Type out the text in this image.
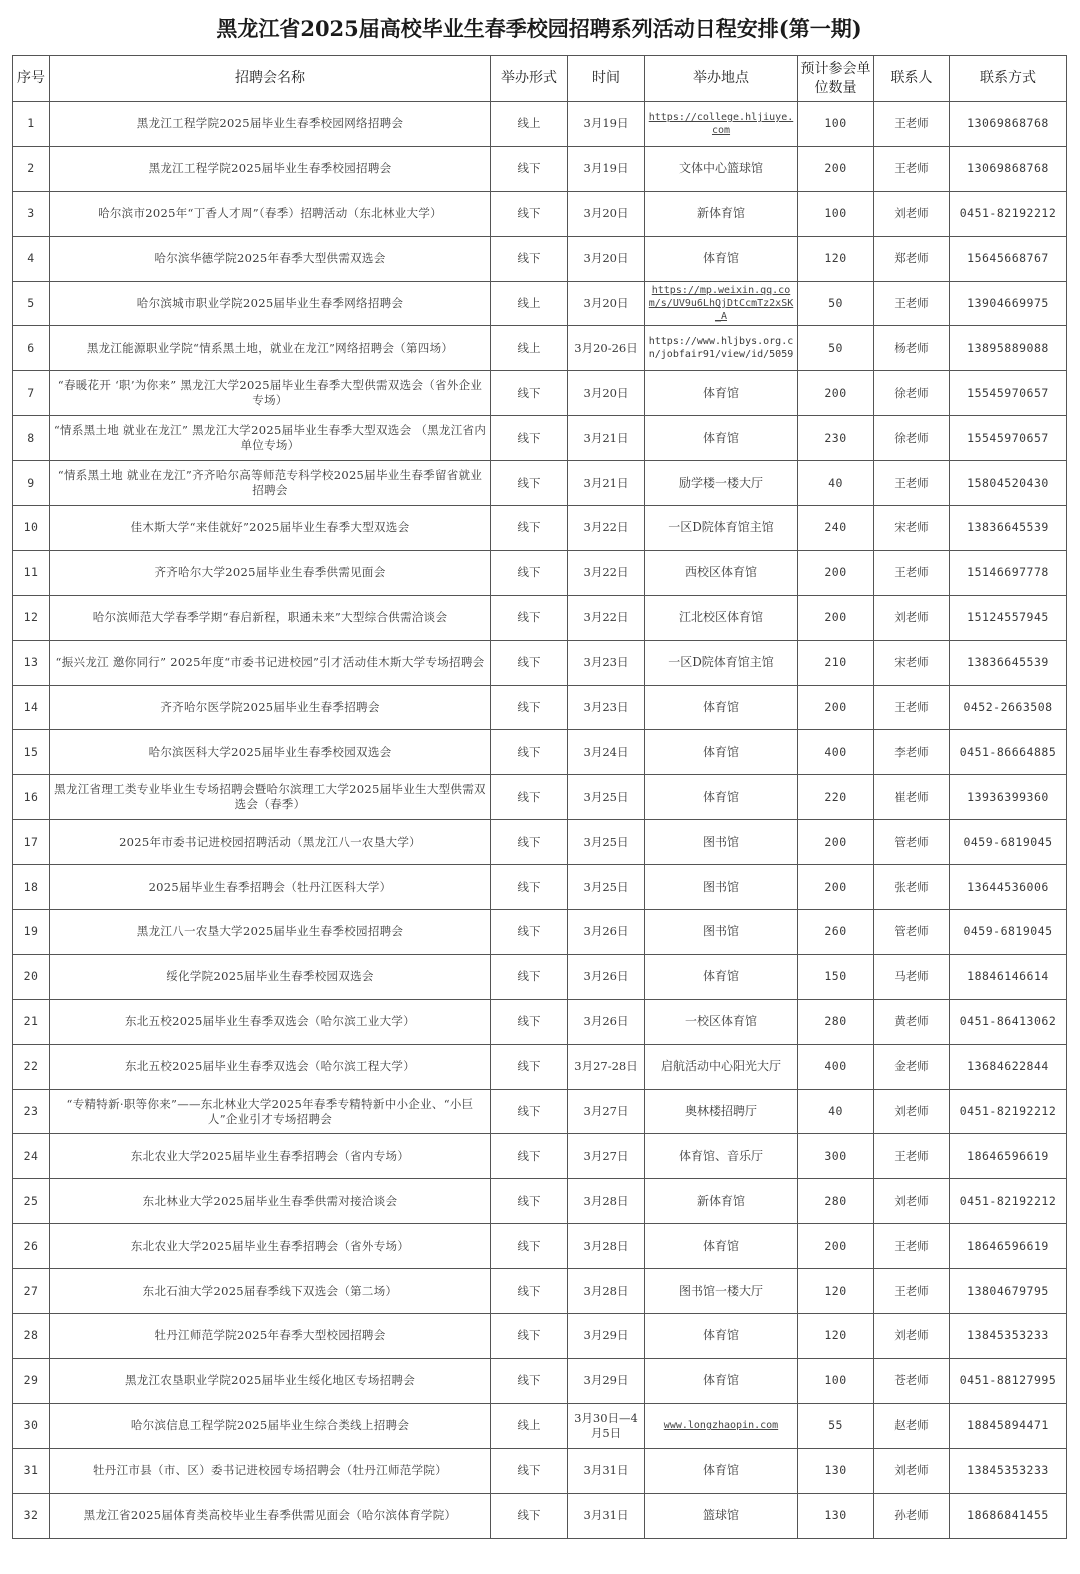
黑龙江省2025届高校毕业生春季校园招聘系列活动日程安排(第一期)
序号	招聘会名称	举办形式	时间	举办地点	预计参会单位数量	联系人	联系方式
1	黑龙江工程学院2025届毕业生春季校园网络招聘会	线上	3月19日	https://college.hljiuye.com	100	王老师	13069868768
2	黑龙江工程学院2025届毕业生春季校园招聘会	线下	3月19日	文体中心篮球馆	200	王老师	13069868768
3	哈尔滨市2025年“丁香人才周”（春季）招聘活动（东北林业大学）	线下	3月20日	新体育馆	100	刘老师	0451-82192212
4	哈尔滨华德学院2025年春季大型供需双选会	线下	3月20日	体育馆	120	郑老师	15645668767
5	哈尔滨城市职业学院2025届毕业生春季网络招聘会	线上	3月20日	https://mp.weixin.qq.com/s/UV9u6LhQjDtCcmTz2xSK_A	50	王老师	13904669975
6	黑龙江能源职业学院“情系黑土地，就业在龙江”网络招聘会（第四场）	线上	3月20-26日	https://www.hljbys.org.cn/jobfair91/view/id/5059	50	杨老师	13895889088
7	“春暖花开 ‘职’为你来” 黑龙江大学2025届毕业生春季大型供需双选会（省外企业专场）	线下	3月20日	体育馆	200	徐老师	15545970657
8	“情系黑土地 就业在龙江” 黑龙江大学2025届毕业生春季大型双选会 （黑龙江省内单位专场）	线下	3月21日	体育馆	230	徐老师	15545970657
9	“情系黑土地 就业在龙江”齐齐哈尔高等师范专科学校2025届毕业生春季留省就业招聘会	线下	3月21日	励学楼一楼大厅	40	王老师	15804520430
10	佳木斯大学“来佳就好”2025届毕业生春季大型双选会	线下	3月22日	一区D院体育馆主馆	240	宋老师	13836645539
11	齐齐哈尔大学2025届毕业生春季供需见面会	线下	3月22日	西校区体育馆	200	王老师	15146697778
12	哈尔滨师范大学春季学期“春启新程，职通未来”大型综合供需洽谈会	线下	3月22日	江北校区体育馆	200	刘老师	15124557945
13	“振兴龙江 邀你同行” 2025年度“市委书记进校园”引才活动佳木斯大学专场招聘会	线下	3月23日	一区D院体育馆主馆	210	宋老师	13836645539
14	齐齐哈尔医学院2025届毕业生春季招聘会	线下	3月23日	体育馆	200	王老师	0452-2663508
15	哈尔滨医科大学2025届毕业生春季校园双选会	线下	3月24日	体育馆	400	李老师	0451-86664885
16	黑龙江省理工类专业毕业生专场招聘会暨哈尔滨理工大学2025届毕业生大型供需双选会（春季）	线下	3月25日	体育馆	220	崔老师	13936399360
17	2025年市委书记进校园招聘活动（黑龙江八一农垦大学）	线下	3月25日	图书馆	200	管老师	0459-6819045
18	2025届毕业生春季招聘会（牡丹江医科大学）	线下	3月25日	图书馆	200	张老师	13644536006
19	黑龙江八一农垦大学2025届毕业生春季校园招聘会	线下	3月26日	图书馆	260	管老师	0459-6819045
20	绥化学院2025届毕业生春季校园双选会	线下	3月26日	体育馆	150	马老师	18846146614
21	东北五校2025届毕业生春季双选会（哈尔滨工业大学）	线下	3月26日	一校区体育馆	280	黄老师	0451-86413062
22	东北五校2025届毕业生春季双选会（哈尔滨工程大学）	线下	3月27-28日	启航活动中心阳光大厅	400	金老师	13684622844
23	“专精特新·职等你来”——东北林业大学2025年春季专精特新中小企业、“小巨人”企业引才专场招聘会	线下	3月27日	奥林楼招聘厅	40	刘老师	0451-82192212
24	东北农业大学2025届毕业生春季招聘会（省内专场）	线下	3月27日	体育馆、音乐厅	300	王老师	18646596619
25	东北林业大学2025届毕业生春季供需对接洽谈会	线下	3月28日	新体育馆	280	刘老师	0451-82192212
26	东北农业大学2025届毕业生春季招聘会（省外专场）	线下	3月28日	体育馆	200	王老师	18646596619
27	东北石油大学2025届春季线下双选会（第二场）	线下	3月28日	图书馆一楼大厅	120	王老师	13804679795
28	牡丹江师范学院2025年春季大型校园招聘会	线下	3月29日	体育馆	120	刘老师	13845353233
29	黑龙江农垦职业学院2025届毕业生绥化地区专场招聘会	线下	3月29日	体育馆	100	苍老师	0451-88127995
30	哈尔滨信息工程学院2025届毕业生综合类线上招聘会	线上	3月30日—4月5日	www.longzhaopin.com	55	赵老师	18845894471
31	牡丹江市县（市、区）委书记进校园专场招聘会（牡丹江师范学院）	线下	3月31日	体育馆	130	刘老师	13845353233
32	黑龙江省2025届体育类高校毕业生春季供需见面会（哈尔滨体育学院）	线下	3月31日	篮球馆	130	孙老师	18686841455
